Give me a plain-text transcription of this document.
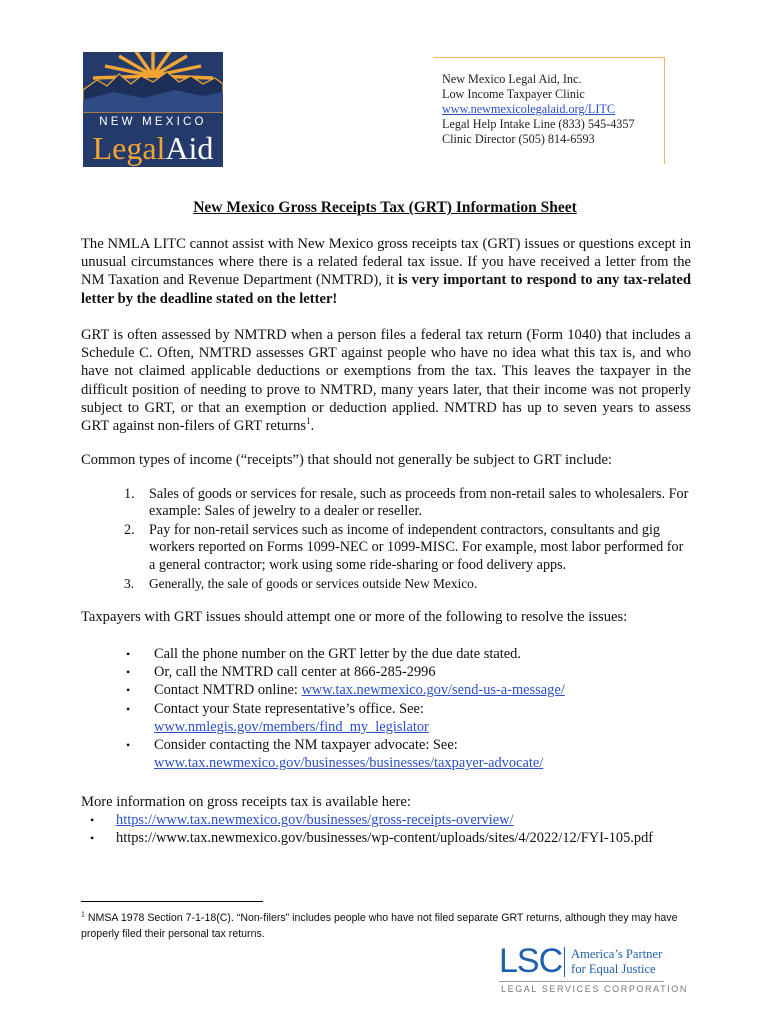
NEW MEXICO
LegalAid
New Mexico Legal Aid, Inc.
Low Income Taxpayer Clinic
www.newmexicolegalaid.org/LITC
Legal Help Intake Line (833) 545-4357
Clinic Director (505) 814-6593
New Mexico Gross Receipts Tax (GRT) Information Sheet
The NMLA LITC cannot assist with New Mexico gross receipts tax (GRT) issues or questions except in unusual circumstances where there is a related federal tax issue. If you have received a letter from the NM Taxation and Revenue Department (NMTRD), it is very important to respond to any tax-related letter by the deadline stated on the letter!
GRT is often assessed by NMTRD when a person files a federal tax return (Form 1040) that includes a Schedule C. Often, NMTRD assesses GRT against people who have no idea what this tax is, and who have not claimed applicable deductions or exemptions from the tax. This leaves the taxpayer in the difficult position of needing to prove to NMTRD, many years later, that their income was not properly subject to GRT, or that an exemption or deduction applied. NMTRD has up to seven years to assess GRT against non-filers of GRT returns$^1$.
Common types of income (“receipts”) that should not generally be subject to GRT include:
1. Sales of goods or services for resale, such as proceeds from non-retail sales to wholesalers. For example: Sales of jewelry to a dealer or reseller.
2. Pay for non-retail services such as income of independent contractors, consultants and gig workers reported on Forms 1099-NEC or 1099-MISC. For example, most labor performed for a general contractor; work using some ride-sharing or food delivery apps.
3. Generally, the sale of goods or services outside New Mexico.
Taxpayers with GRT issues should attempt one or more of the following to resolve the issues:
• Call the phone number on the GRT letter by the due date stated.
• Or, call the NMTRD call center at 866-285-2996
• Contact NMTRD online: www.tax.newmexico.gov/send-us-a-message/
• Contact your State representative’s office. See:
www.nmlegis.gov/members/find_my_legislator
• Consider contacting the NM taxpayer advocate: See:
www.tax.newmexico.gov/businesses/businesses/taxpayer-advocate/
More information on gross receipts tax is available here:
• https://www.tax.newmexico.gov/businesses/gross-receipts-overview/
• https://www.tax.newmexico.gov/businesses/wp-content/uploads/sites/4/2022/12/FYI-105.pdf
$^1$ NMSA 1978 Section 7-1-18(C). “Non-filers” includes people who have not filed separate GRT returns, although they may have properly filed their personal tax returns.
LSC America’s Partner
for Equal Justice
LEGAL SERVICES CORPORATION
